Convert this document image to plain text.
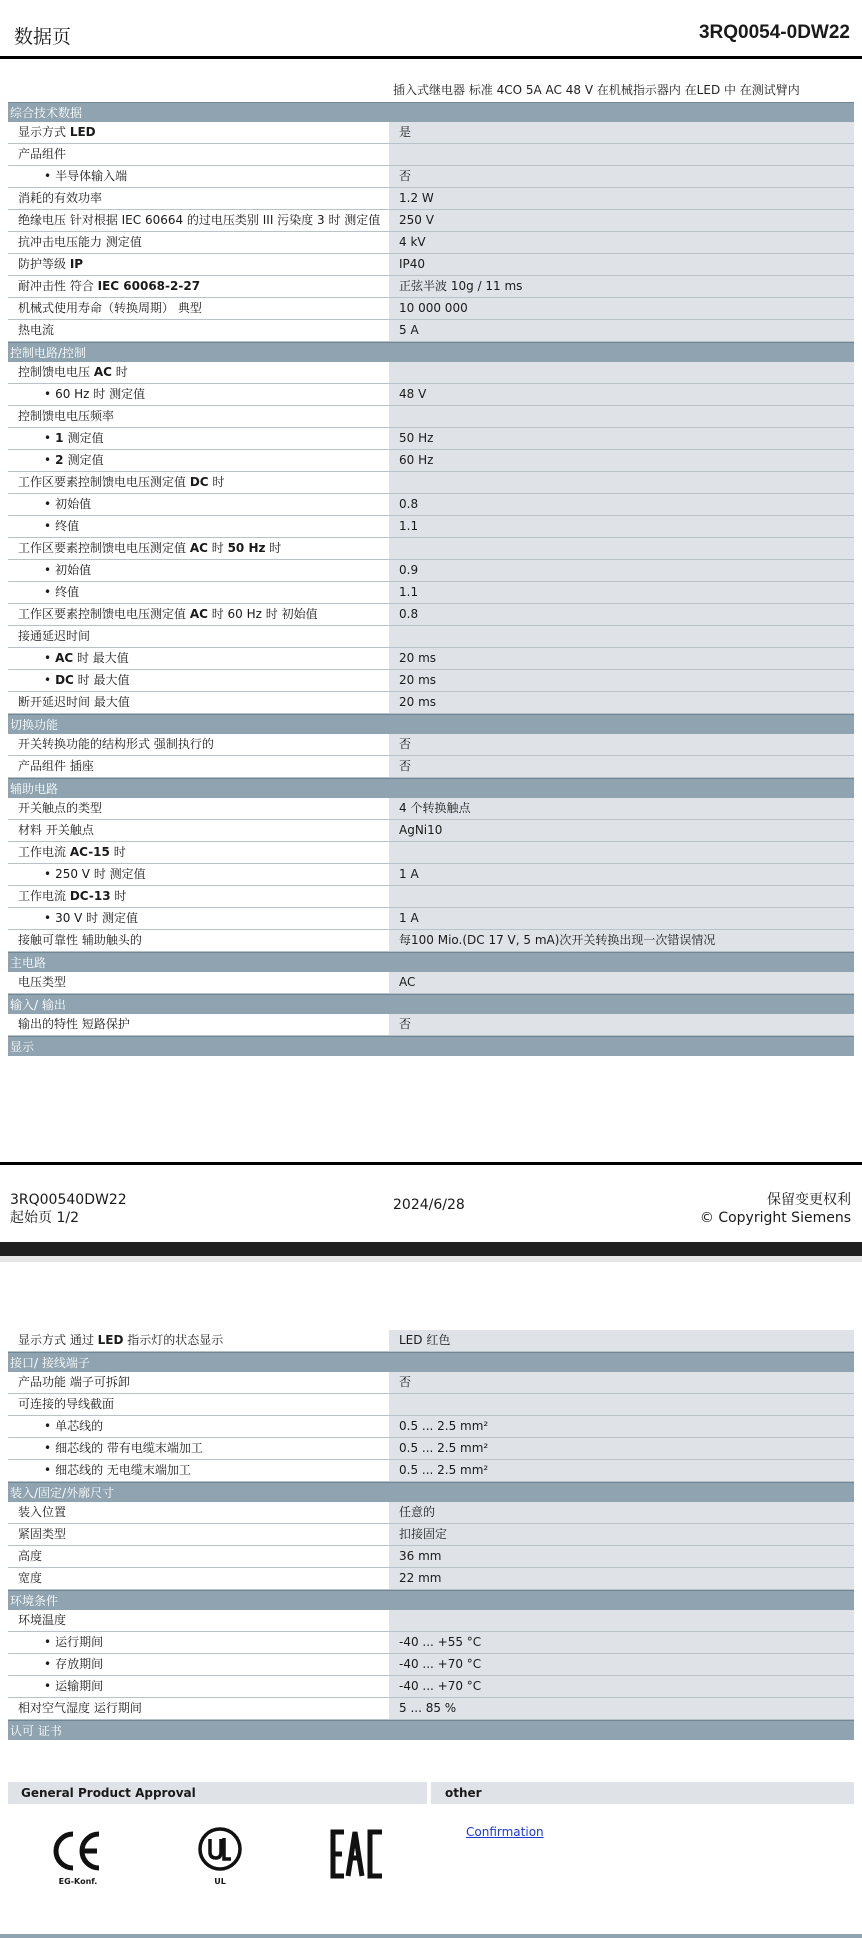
数据页	3RQ0054-0DW22
插入式继电器 标准 4CO 5A AC 48 V 在机械指示器内 在LED 中 在测试臂内
综合技术数据
显示方式 LED	是
产品组件
• 半导体输入端	否
消耗的有效功率	1.2 W
绝缘电压 针对根据 IEC 60664 的过电压类别 III 污染度 3 时 测定值	250 V
抗冲击电压能力 测定值	4 kV
防护等级 IP	IP40
耐冲击性 符合 IEC 60068-2-27	正弦半波 10g / 11 ms
机械式使用寿命（转换周期） 典型	10 000 000
热电流	5 A
控制电路/控制
控制馈电电压 AC 时
• 60 Hz 时 测定值	48 V
控制馈电电压频率
• 1 测定值	50 Hz
• 2 测定值	60 Hz
工作区要素控制馈电电压测定值 DC 时
• 初始值	0.8
• 终值	1.1
工作区要素控制馈电电压测定值 AC 时 50 Hz 时
• 初始值	0.9
• 终值	1.1
工作区要素控制馈电电压测定值 AC 时 60 Hz 时 初始值	0.8
接通延迟时间
• AC 时 最大值	20 ms
• DC 时 最大值	20 ms
断开延迟时间 最大值	20 ms
切换功能
开关转换功能的结构形式 强制执行的	否
产品组件 插座	否
辅助电路
开关触点的类型	4 个转换触点
材料 开关触点	AgNi10
工作电流 AC-15 时
• 250 V 时 测定值	1 A
工作电流 DC-13 时
• 30 V 时 测定值	1 A
接触可靠性 辅助触头的	每100 Mio.(DC 17 V, 5 mA)次开关转换出现一次错误情况
主电路
电压类型	AC
输入/ 输出
输出的特性 短路保护	否
显示
3RQ00540DW22
起始页 1/2
2024/6/28	保留变更权利
© Copyright Siemens
显示方式 通过 LED 指示灯的状态显示	LED 红色
接口/ 接线端子
产品功能 端子可拆卸	否
可连接的导线截面
• 单芯线的	0.5 ... 2.5 mm²
• 细芯线的 带有电缆末端加工	0.5 ... 2.5 mm²
• 细芯线的 无电缆末端加工	0.5 ... 2.5 mm²
装入/固定/外廓尺寸
装入位置	任意的
紧固类型	扣接固定
高度	36 mm
宽度	22 mm
环境条件
环境温度
• 运行期间	-40 ... +55 °C
• 存放期间	-40 ... +70 °C
• 运输期间	-40 ... +70 °C
相对空气湿度 运行期间	5 ... 85 %
认可 证书
General Product Approval	other
EG-Konf.	UL
Confirmation
